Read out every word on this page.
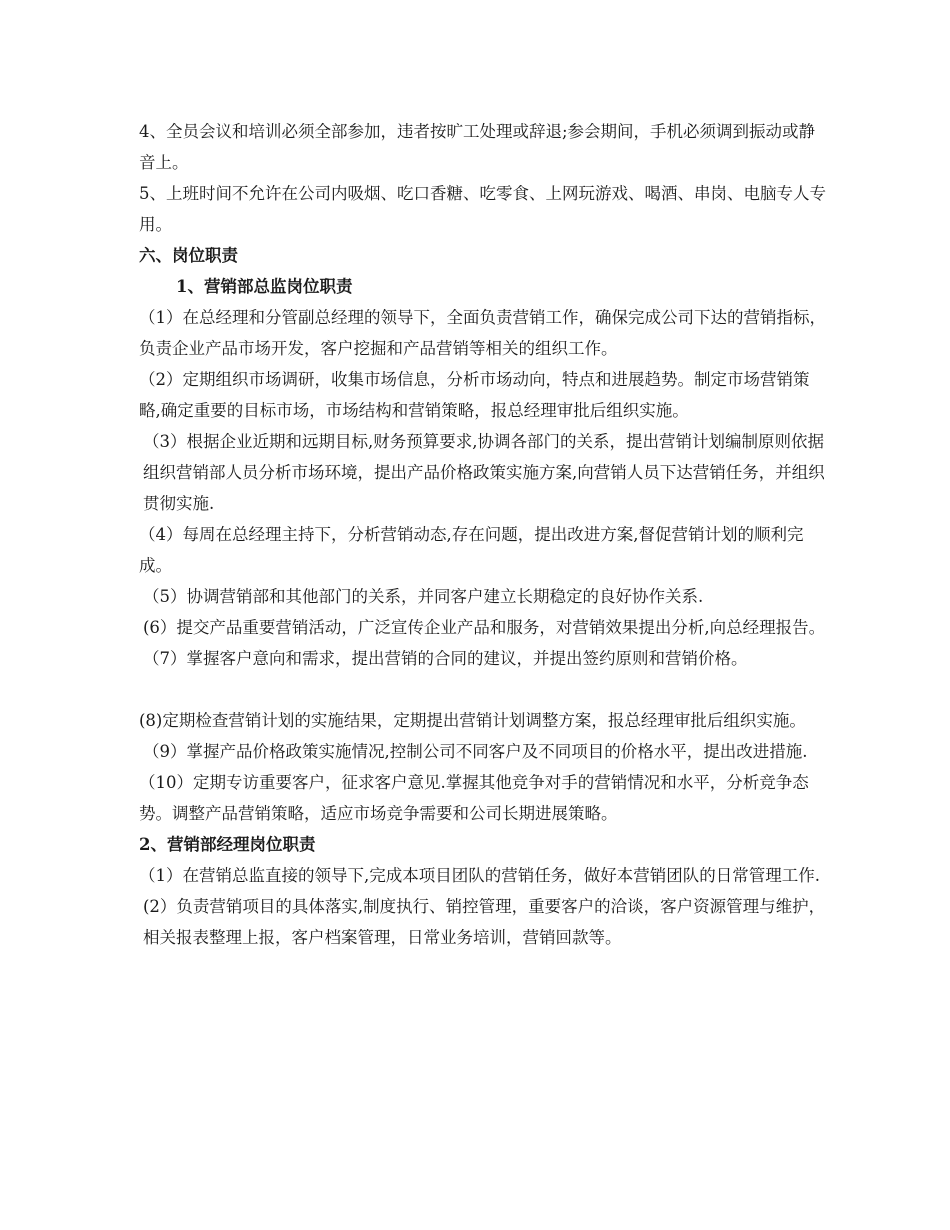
4、全员会议和培训必须全部参加，违者按旷工处理或辞退;参会期间，手机必须调到振动或静音上。

5、上班时间不允许在公司内吸烟、吃口香糖、吃零食、上网玩游戏、喝酒、串岗、电脑专人专用。

六、岗位职责

1、营销部总监岗位职责

（1）在总经理和分管副总经理的领导下，全面负责营销工作，确保完成公司下达的营销指标，负责企业产品市场开发，客户挖掘和产品营销等相关的组织工作。

（2）定期组织市场调研，收集市场信息，分析市场动向，特点和进展趋势。制定市场营销策略,确定重要的目标市场，市场结构和营销策略，报总经理审批后组织实施。

（3）根据企业近期和远期目标,财务预算要求,协调各部门的关系，提出营销计划编制原则依据 组织营销部人员分析市场环境，提出产品价格政策实施方案,向营销人员下达营销任务，并组织贯彻实施.

（4）每周在总经理主持下，分析营销动态,存在问题，提出改进方案,督促营销计划的顺利完成。

（5）协调营销部和其他部门的关系，并同客户建立长期稳定的良好协作关系.

(6）提交产品重要营销活动，广泛宣传企业产品和服务，对营销效果提出分析,向总经理报告。

（7）掌握客户意向和需求，提出营销的合同的建议，并提出签约原则和营销价格。

(8)定期检查营销计划的实施结果，定期提出营销计划调整方案，报总经理审批后组织实施。

（9）掌握产品价格政策实施情况,控制公司不同客户及不同项目的价格水平，提出改进措施.

（10）定期专访重要客户，征求客户意见.掌握其他竞争对手的营销情况和水平，分析竞争态势。调整产品营销策略，适应市场竞争需要和公司长期进展策略。

2、营销部经理岗位职责

（1）在营销总监直接的领导下,完成本项目团队的营销任务，做好本营销团队的日常管理工作.

(2）负责营销项目的具体落实,制度执行、销控管理，重要客户的洽谈，客户资源管理与维护，相关报表整理上报，客户档案管理，日常业务培训，营销回款等。
